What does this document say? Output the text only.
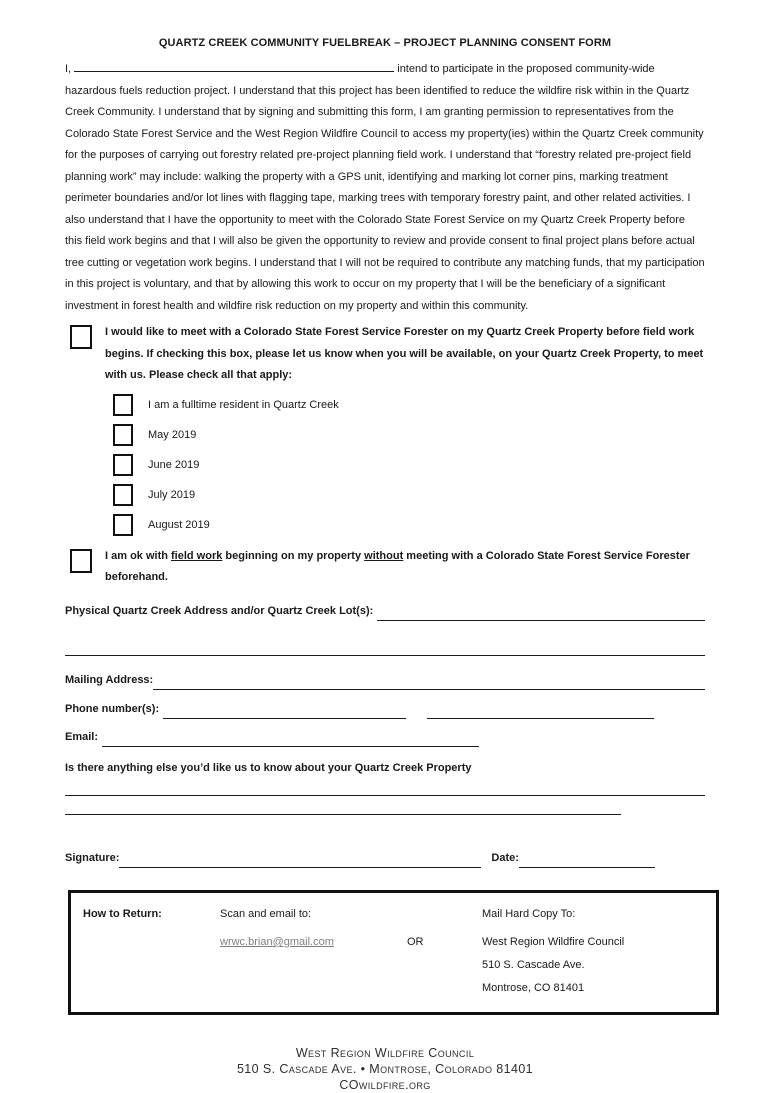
QUARTZ CREEK COMMUNITY FUELBREAK – PROJECT PLANNING CONSENT FORM

I,	intend to participate in the proposed community-wide hazardous fuels reduction project. I understand that this project has been identified to reduce the wildfire risk within in the Quartz Creek Community. I understand that by signing and submitting this form, I am granting permission to representatives from the Colorado State Forest Service and the West Region Wildfire Council to access my property(ies) within the Quartz Creek community for the purposes of carrying out forestry related pre-project planning field work. I understand that “forestry related pre-project field planning work” may include: walking the property with a GPS unit, identifying and marking lot corner pins, marking treatment perimeter boundaries and/or lot lines with flagging tape, marking trees with temporary forestry paint, and other related activities. I also understand that I have the opportunity to meet with the Colorado State Forest Service on my Quartz Creek Property before this field work begins and that I will also be given the opportunity to review and provide consent to final project plans before actual tree cutting or vegetation work begins. I understand that I will not be required to contribute any matching funds, that my participation in this project is voluntary, and that by allowing this work to occur on my property that I will be the beneficiary of a significant investment in forest health and wildfire risk reduction on my property and within this community.

I would like to meet with a Colorado State Forest Service Forester on my Quartz Creek Property before field work begins. If checking this box, please let us know when you will be available, on your Quartz Creek Property, to meet with us. Please check all that apply:
I am a fulltime resident in Quartz Creek
May 2019
June 2019
July 2019
August 2019
I am ok with field work beginning on my property without meeting with a Colorado State Forest Service Forester beforehand.
Physical Quartz Creek Address and/or Quartz Creek Lot(s):
Mailing Address:
Phone number(s):
Email:
Is there anything else you’d like us to know about your Quartz Creek Property
Signature:	Date:
How to Return:	Scan and email to:	Mail Hard Copy To:
wrwc.brian@gmail.com	OR	West Region Wildfire Council
510 S. Cascade Ave.
Montrose, CO 81401
West Region Wildfire Council
510 S. Cascade Ave. • Montrose, Colorado 81401
COwildfire.org
